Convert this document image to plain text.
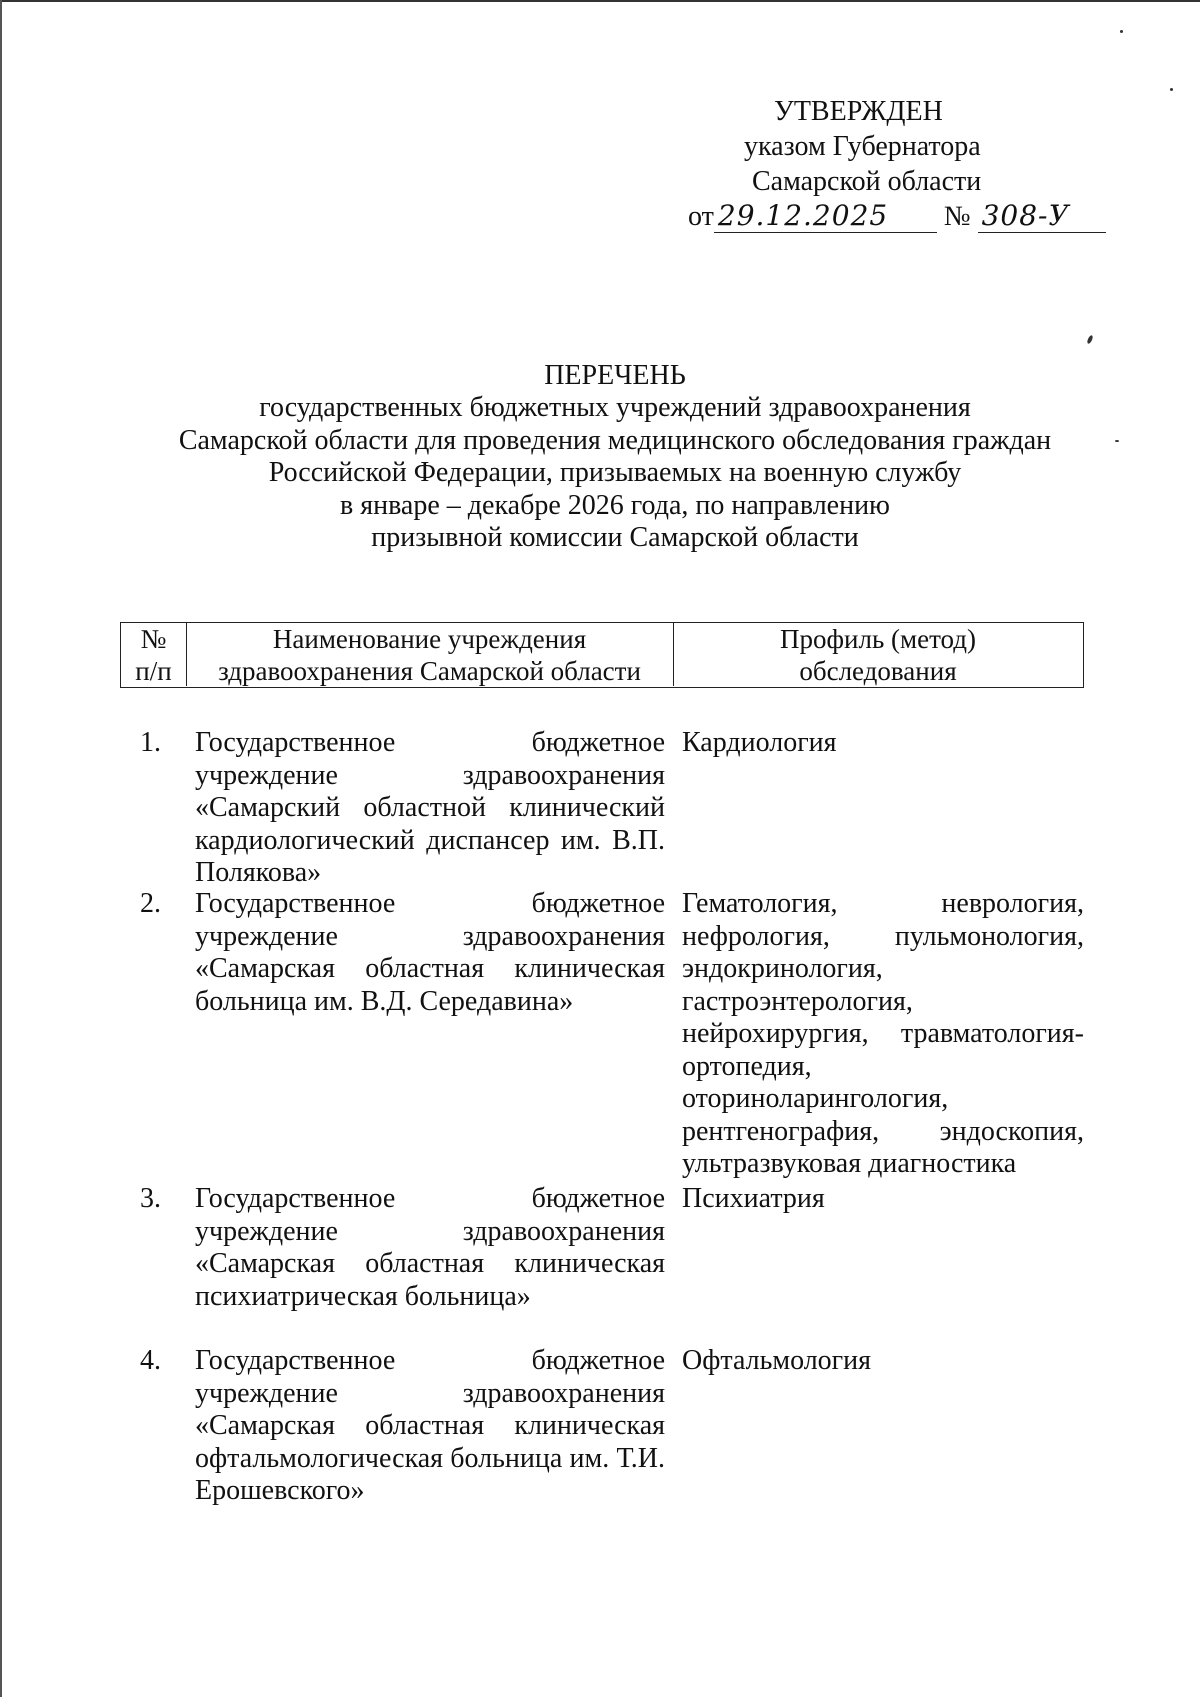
УТВЕРЖДЕН
указом Губернатора
Самарской области
от 29.12.2025 № 308-У

ПЕРЕЧЕНЬ

государственных бюджетных учреждений здравоохранения

Самарской области для проведения медицинского обследования граждан

Российской Федерации, призываемых на военную службу

в январе – декабре 2026 года, по направлению

призывной комиссии Самарской области

№
п/п
Наименование учреждения
здравоохранения Самарской области
Профиль (метод)
обследования
1. Государственное бюджетное учреждение здравоохранения «Самарский областной клинический кардиологический диспансер им. В.П. Полякова»
Кардиология
2. Государственное бюджетное учреждение здравоохранения «Самарская областная клиническая больница им. В.Д. Середавина»
Гематология, неврология, нефрология, пульмонология, эндокринология, гастроэнтерология, нейрохирургия, травматология-ортопедия, оториноларингология, рентгенография, эндоскопия, ультразвуковая диагностика
3. Государственное бюджетное учреждение здравоохранения «Самарская областная клиническая психиатрическая больница»
Психиатрия
4. Государственное бюджетное учреждение здравоохранения «Самарская областная клиническая офтальмологическая больница им. Т.И. Ерошевского»
Офтальмология
